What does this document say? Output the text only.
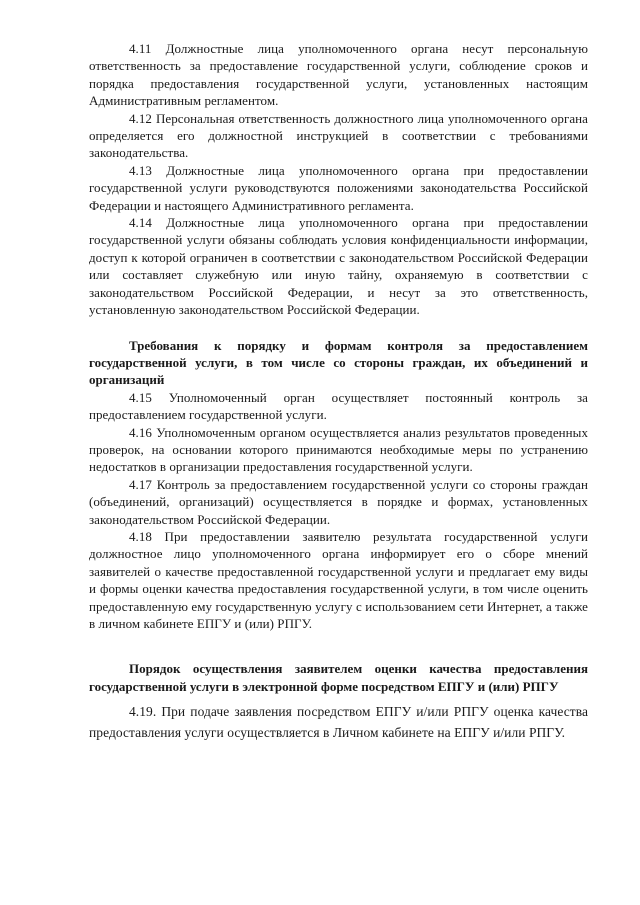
4.11 Должностные лица уполномоченного органа несут персональную ответственность за предоставление государственной услуги, соблюдение сроков и порядка предоставления государственной услуги, установленных настоящим Административным регламентом.

4.12 Персональная ответственность должностного лица уполномоченного органа определяется его должностной инструкцией в соответствии с требованиями законодательства.

4.13 Должностные лица уполномоченного органа при предоставлении государственной услуги руководствуются положениями законодательства Российской Федерации и настоящего Административного регламента.

4.14 Должностные лица уполномоченного органа при предоставлении государственной услуги обязаны соблюдать условия конфиденциальности информации, доступ к которой ограничен в соответствии с законодательством Российской Федерации или составляет служебную или иную тайну, охраняемую в соответствии с законодательством Российской Федерации, и несут за это ответственность, установленную законодательством Российской Федерации.

Требования к порядку и формам контроля за предоставлением государственной услуги, в том числе со стороны граждан, их объединений и организаций

4.15 Уполномоченный орган осуществляет постоянный контроль за предоставлением государственной услуги.

4.16 Уполномоченным органом осуществляется анализ результатов проведенных проверок, на основании которого принимаются необходимые меры по устранению недостатков в организации предоставления государственной услуги.

4.17 Контроль за предоставлением государственной услуги со стороны граждан (объединений, организаций) осуществляется в порядке и формах, установленных законодательством Российской Федерации.

4.18 При предоставлении заявителю результата государственной услуги должностное лицо уполномоченного органа информирует его о сборе мнений заявителей о качестве предоставленной государственной услуги и предлагает ему виды и формы оценки качества предоставления государственной услуги, в том числе оценить предоставленную ему государственную услугу с использованием сети Интернет, а также в личном кабинете ЕПГУ и (или) РПГУ.

Порядок осуществления заявителем оценки качества предоставления государственной услуги в электронной форме посредством ЕПГУ и (или) РПГУ

4.19. При подаче заявления посредством ЕПГУ и/или РПГУ оценка качества предоставления услуги осуществляется в Личном кабинете на ЕПГУ и/или РПГУ.
